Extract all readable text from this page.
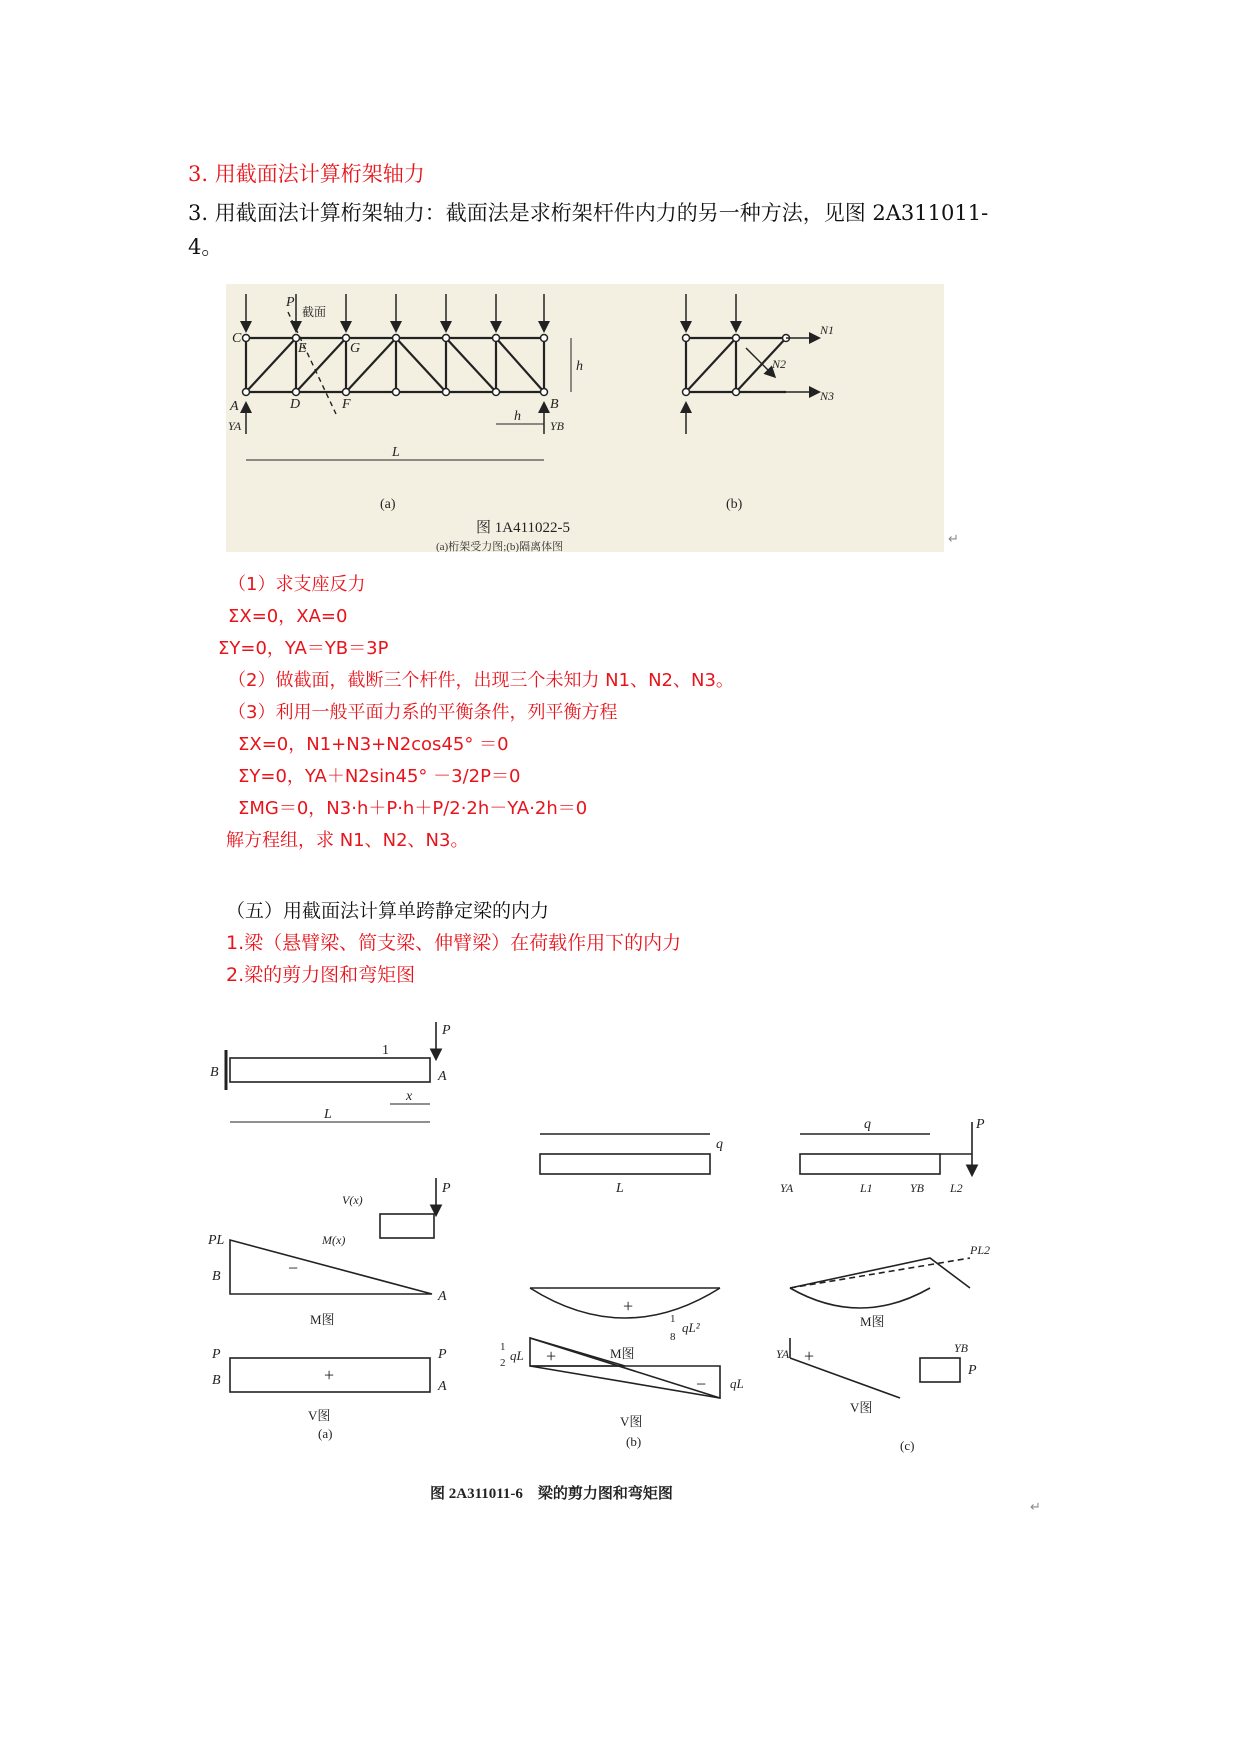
3. 用截面法计算桁架轴力
3. 用截面法计算桁架轴力：截面法是求桁架杆件内力的另一种方法，见图 2A311011-4。
P
截面
C
E	G
A	D	F	B
YA	YB
h
h
L
N1
N2
N3
(a)	(b)
图 1A411022-5
(a)桁架受力图;(b)隔离体图	↵
（1）求支座反力
ΣX=0，XA=0
ΣY=0，YA＝YB＝3P
（2）做截面，截断三个杆件，出现三个未知力 N1、N2、N3。
（3）利用一般平面力系的平衡条件，列平衡方程
ΣX=0，N1+N3+N2cos45° ＝0
ΣY=0，YA＋N2sin45° －3/2P＝0
ΣMG＝0，N3·h＋P·h＋P/2·2h－YA·2h＝0
解方程组，求 N1、N2、N3。
（五）用截面法计算单跨静定梁的内力
1.梁（悬臂梁、简支梁、伸臂梁）在荷载作用下的内力
2.梁的剪力图和弯矩图
P
B	A
1
x
L
V(x)
M(x)
P
PL
B
A
−
M图
P
B
P
A
+
V图
(a)
q
L
+
1
8
qL²
M图
1
2 qL
qL
+
−
V图
(b)
q
YA	L1	YB L2
P
PL2
M图
YA	YB
P
+
V图
(c)
图 2A311011-6　梁的剪力图和弯矩图
↵
